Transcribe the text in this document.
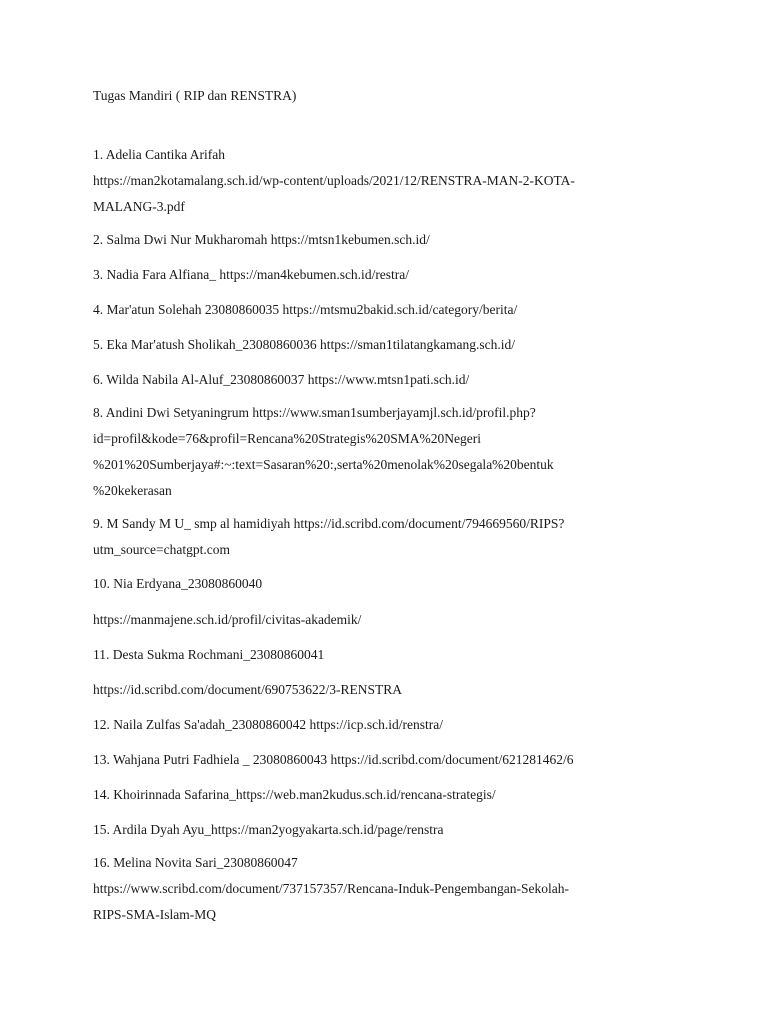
Tugas Mandiri ( RIP dan RENSTRA)
1. Adelia Cantika Arifah
https://man2kotamalang.sch.id/wp-content/uploads/2021/12/RENSTRA-MAN-2-KOTA-
MALANG-3.pdf
2. Salma Dwi Nur Mukharomah https://mtsn1kebumen.sch.id/
3. Nadia Fara Alfiana_ https://man4kebumen.sch.id/restra/
4. Mar'atun Solehah 23080860035 https://mtsmu2bakid.sch.id/category/berita/
5. Eka Mar'atush Sholikah_23080860036 https://sman1tilatangkamang.sch.id/
6. Wilda Nabila Al-Aluf_23080860037 https://www.mtsn1pati.sch.id/
8. Andini Dwi Setyaningrum https://www.sman1sumberjayamjl.sch.id/profil.php?
id=profil&kode=76&profil=Rencana%20Strategis%20SMA%20Negeri
%201%20Sumberjaya#:~:text=Sasaran%20:,serta%20menolak%20segala%20bentuk
%20kekerasan
9. M Sandy M U_ smp al hamidiyah https://id.scribd.com/document/794669560/RIPS?
utm_source=chatgpt.com
10. Nia Erdyana_23080860040
https://manmajene.sch.id/profil/civitas-akademik/
11. Desta Sukma Rochmani_23080860041
https://id.scribd.com/document/690753622/3-RENSTRA
12. Naila Zulfas Sa'adah_23080860042 https://icp.sch.id/renstra/
13. Wahjana Putri Fadhiela _ 23080860043 https://id.scribd.com/document/621281462/6
14. Khoirinnada Safarina_https://web.man2kudus.sch.id/rencana-strategis/
15. Ardila Dyah Ayu_https://man2yogyakarta.sch.id/page/renstra
16. Melina Novita Sari_23080860047
https://www.scribd.com/document/737157357/Rencana-Induk-Pengembangan-Sekolah-
RIPS-SMA-Islam-MQ
